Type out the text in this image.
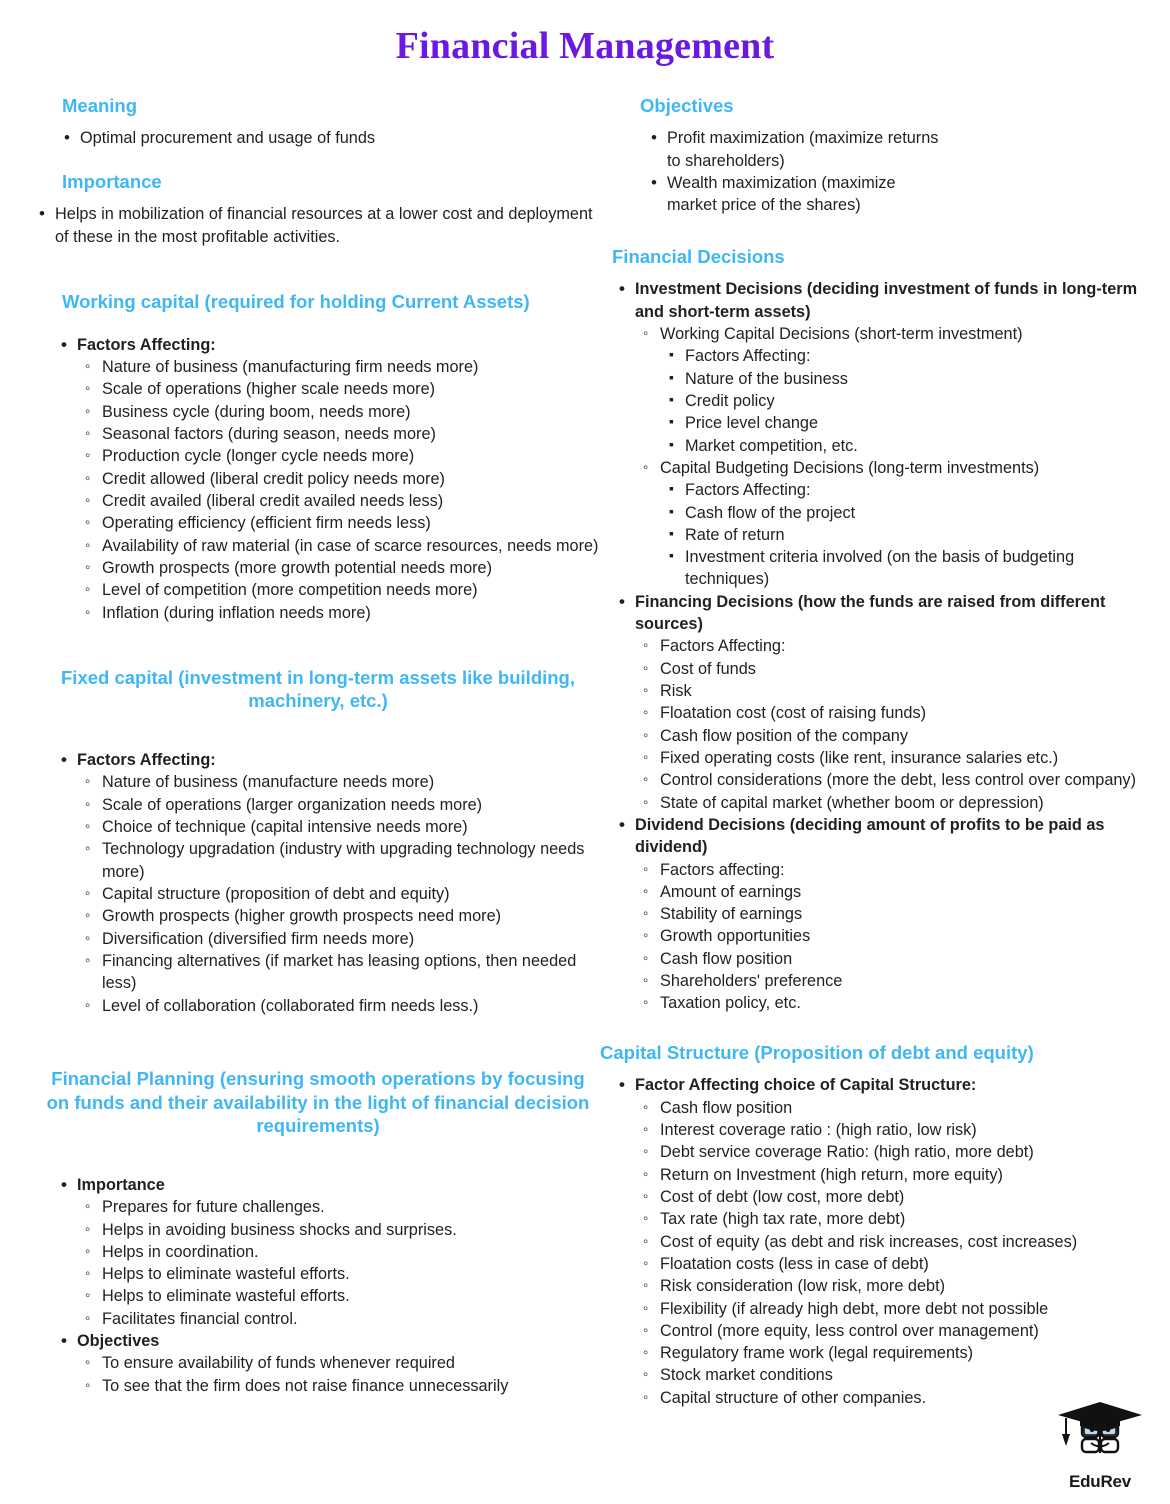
Financial Management
Meaning
• Optimal procurement and usage of funds
Importance
• Helps in mobilization of financial resources at a lower cost and deployment of these in the most profitable activities.
Working capital (required for holding Current Assets)
• Factors Affecting:
◦ Nature of business (manufacturing firm needs more)
◦ Scale of operations (higher scale needs more)
◦ Business cycle (during boom, needs more)
◦ Seasonal factors (during season, needs more)
◦ Production cycle (longer cycle needs more)
◦ Credit allowed (liberal credit policy needs more)
◦ Credit availed (liberal credit availed needs less)
◦ Operating efficiency (efficient firm needs less)
◦ Availability of raw material (in case of scarce resources, needs more)
◦ Growth prospects (more growth potential needs more)
◦ Level of competition (more competition needs more)
◦ Inflation (during inflation needs more)
Fixed capital (investment in long-term assets like building, machinery, etc.)
• Factors Affecting:
◦ Nature of business (manufacture needs more)
◦ Scale of operations (larger organization needs more)
◦ Choice of technique (capital intensive needs more)
◦ Technology upgradation (industry with upgrading technology needs more)
◦ Capital structure (proposition of debt and equity)
◦ Growth prospects (higher growth prospects need more)
◦ Diversification (diversified firm needs more)
◦ Financing alternatives (if market has leasing options, then needed less)
◦ Level of collaboration (collaborated firm needs less.)
Financial Planning (ensuring smooth operations by focusing on funds and their availability in the light of financial decision requirements)
• Importance
◦ Prepares for future challenges.
◦ Helps in avoiding business shocks and surprises.
◦ Helps in coordination.
◦ Helps to eliminate wasteful efforts.
◦ Helps to eliminate wasteful efforts.
◦ Facilitates financial control.
• Objectives
◦ To ensure availability of funds whenever required
◦ To see that the firm does not raise finance unnecessarily
Objectives
• Profit maximization (maximize returns to shareholders)
• Wealth maximization (maximize market price of the shares)
Financial Decisions
• Investment Decisions (deciding investment of funds in long-term and short-term assets)
◦ Working Capital Decisions (short-term investment)
▪ Factors Affecting:
▪ Nature of the business
▪ Credit policy
▪ Price level change
▪ Market competition, etc.
◦ Capital Budgeting Decisions (long-term investments)
▪ Factors Affecting:
▪ Cash flow of the project
▪ Rate of return
▪ Investment criteria involved (on the basis of budgeting techniques)
• Financing Decisions (how the funds are raised from different sources)
◦ Factors Affecting:
◦ Cost of funds
◦ Risk
◦ Floatation cost (cost of raising funds)
◦ Cash flow position of the company
◦ Fixed operating costs (like rent, insurance salaries etc.)
◦ Control considerations (more the debt, less control over company)
◦ State of capital market (whether boom or depression)
• Dividend Decisions (deciding amount of profits to be paid as dividend)
◦ Factors affecting:
◦ Amount of earnings
◦ Stability of earnings
◦ Growth opportunities
◦ Cash flow position
◦ Shareholders' preference
◦ Taxation policy, etc.
Capital Structure (Proposition of debt and equity)
• Factor Affecting choice of Capital Structure:
◦ Cash flow position
◦ Interest coverage ratio : (high ratio, low risk)
◦ Debt service coverage Ratio: (high ratio, more debt)
◦ Return on Investment (high return, more equity)
◦ Cost of debt (low cost, more debt)
◦ Tax rate (high tax rate, more debt)
◦ Cost of equity (as debt and risk increases, cost increases)
◦ Floatation costs (less in case of debt)
◦ Risk consideration (low risk, more debt)
◦ Flexibility (if already high debt, more debt not possible
◦ Control (more equity, less control over management)
◦ Regulatory frame work (legal requirements)
◦ Stock market conditions
◦ Capital structure of other companies.
EduRev
